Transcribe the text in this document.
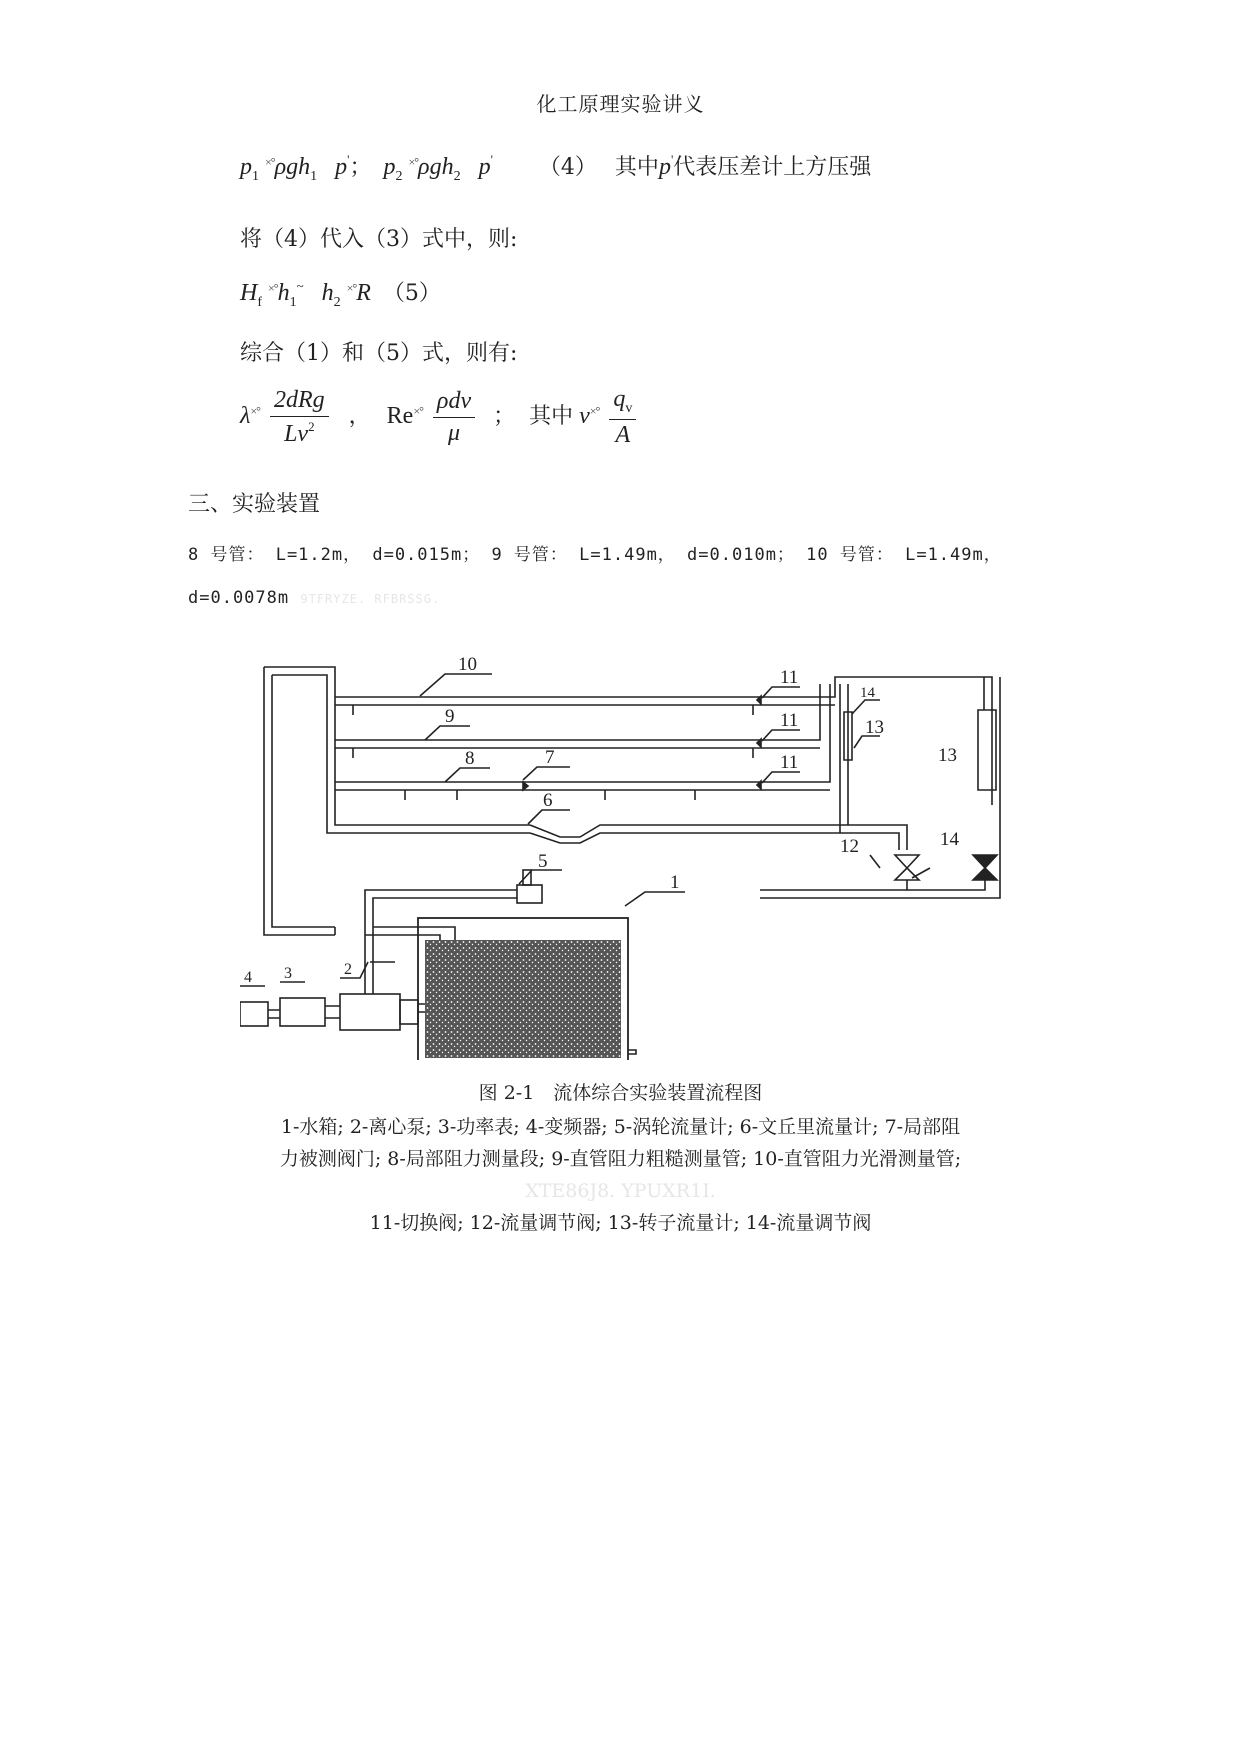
化工原理实验讲义
$p_1$ ×°ρgh$_1$ p'； $p_2$ ×°ρgh$_2$ p' （4） 其中p'代表压差计上方压强
将（4）代入（3）式中，则:
$H_f$ $^{\times^\circ}h_1^\sim$ $h_2$ ×°R （5）
综合（1）和（5）式，则有:
$\lambda^{\times^\circ} \frac{\text{2dRg}}{Lv^2}$ ， $Re^{\times^\circ} \frac{\text{ρdv}}{\mu}$ ； 其中 $v^{\times^\circ} \frac{q_v}{A}$
三、实验装置
8 号管： L=1.2m， d=0.015m； 9 号管： L=1.49m， d=0.010m； 10 号管： L=1.49m，
d=0.0078m 9TFRYZE. RFBRSSG.
10
9
8	7
6
5
4 3	2
1
11
11
11
12
13
13
14
14
图 2-1　流体综合实验装置流程图
1-水箱; 2-离心泵; 3-功率表; 4-变频器; 5-涡轮流量计; 6-文丘里流量计; 7-局部阻
力被测阀门; 8-局部阻力测量段; 9-直管阻力粗糙测量管; 10-直管阻力光滑测量管;
XTE86J8. YPUXR1I.
11-切换阀; 12-流量调节阀; 13-转子流量计; 14-流量调节阀
